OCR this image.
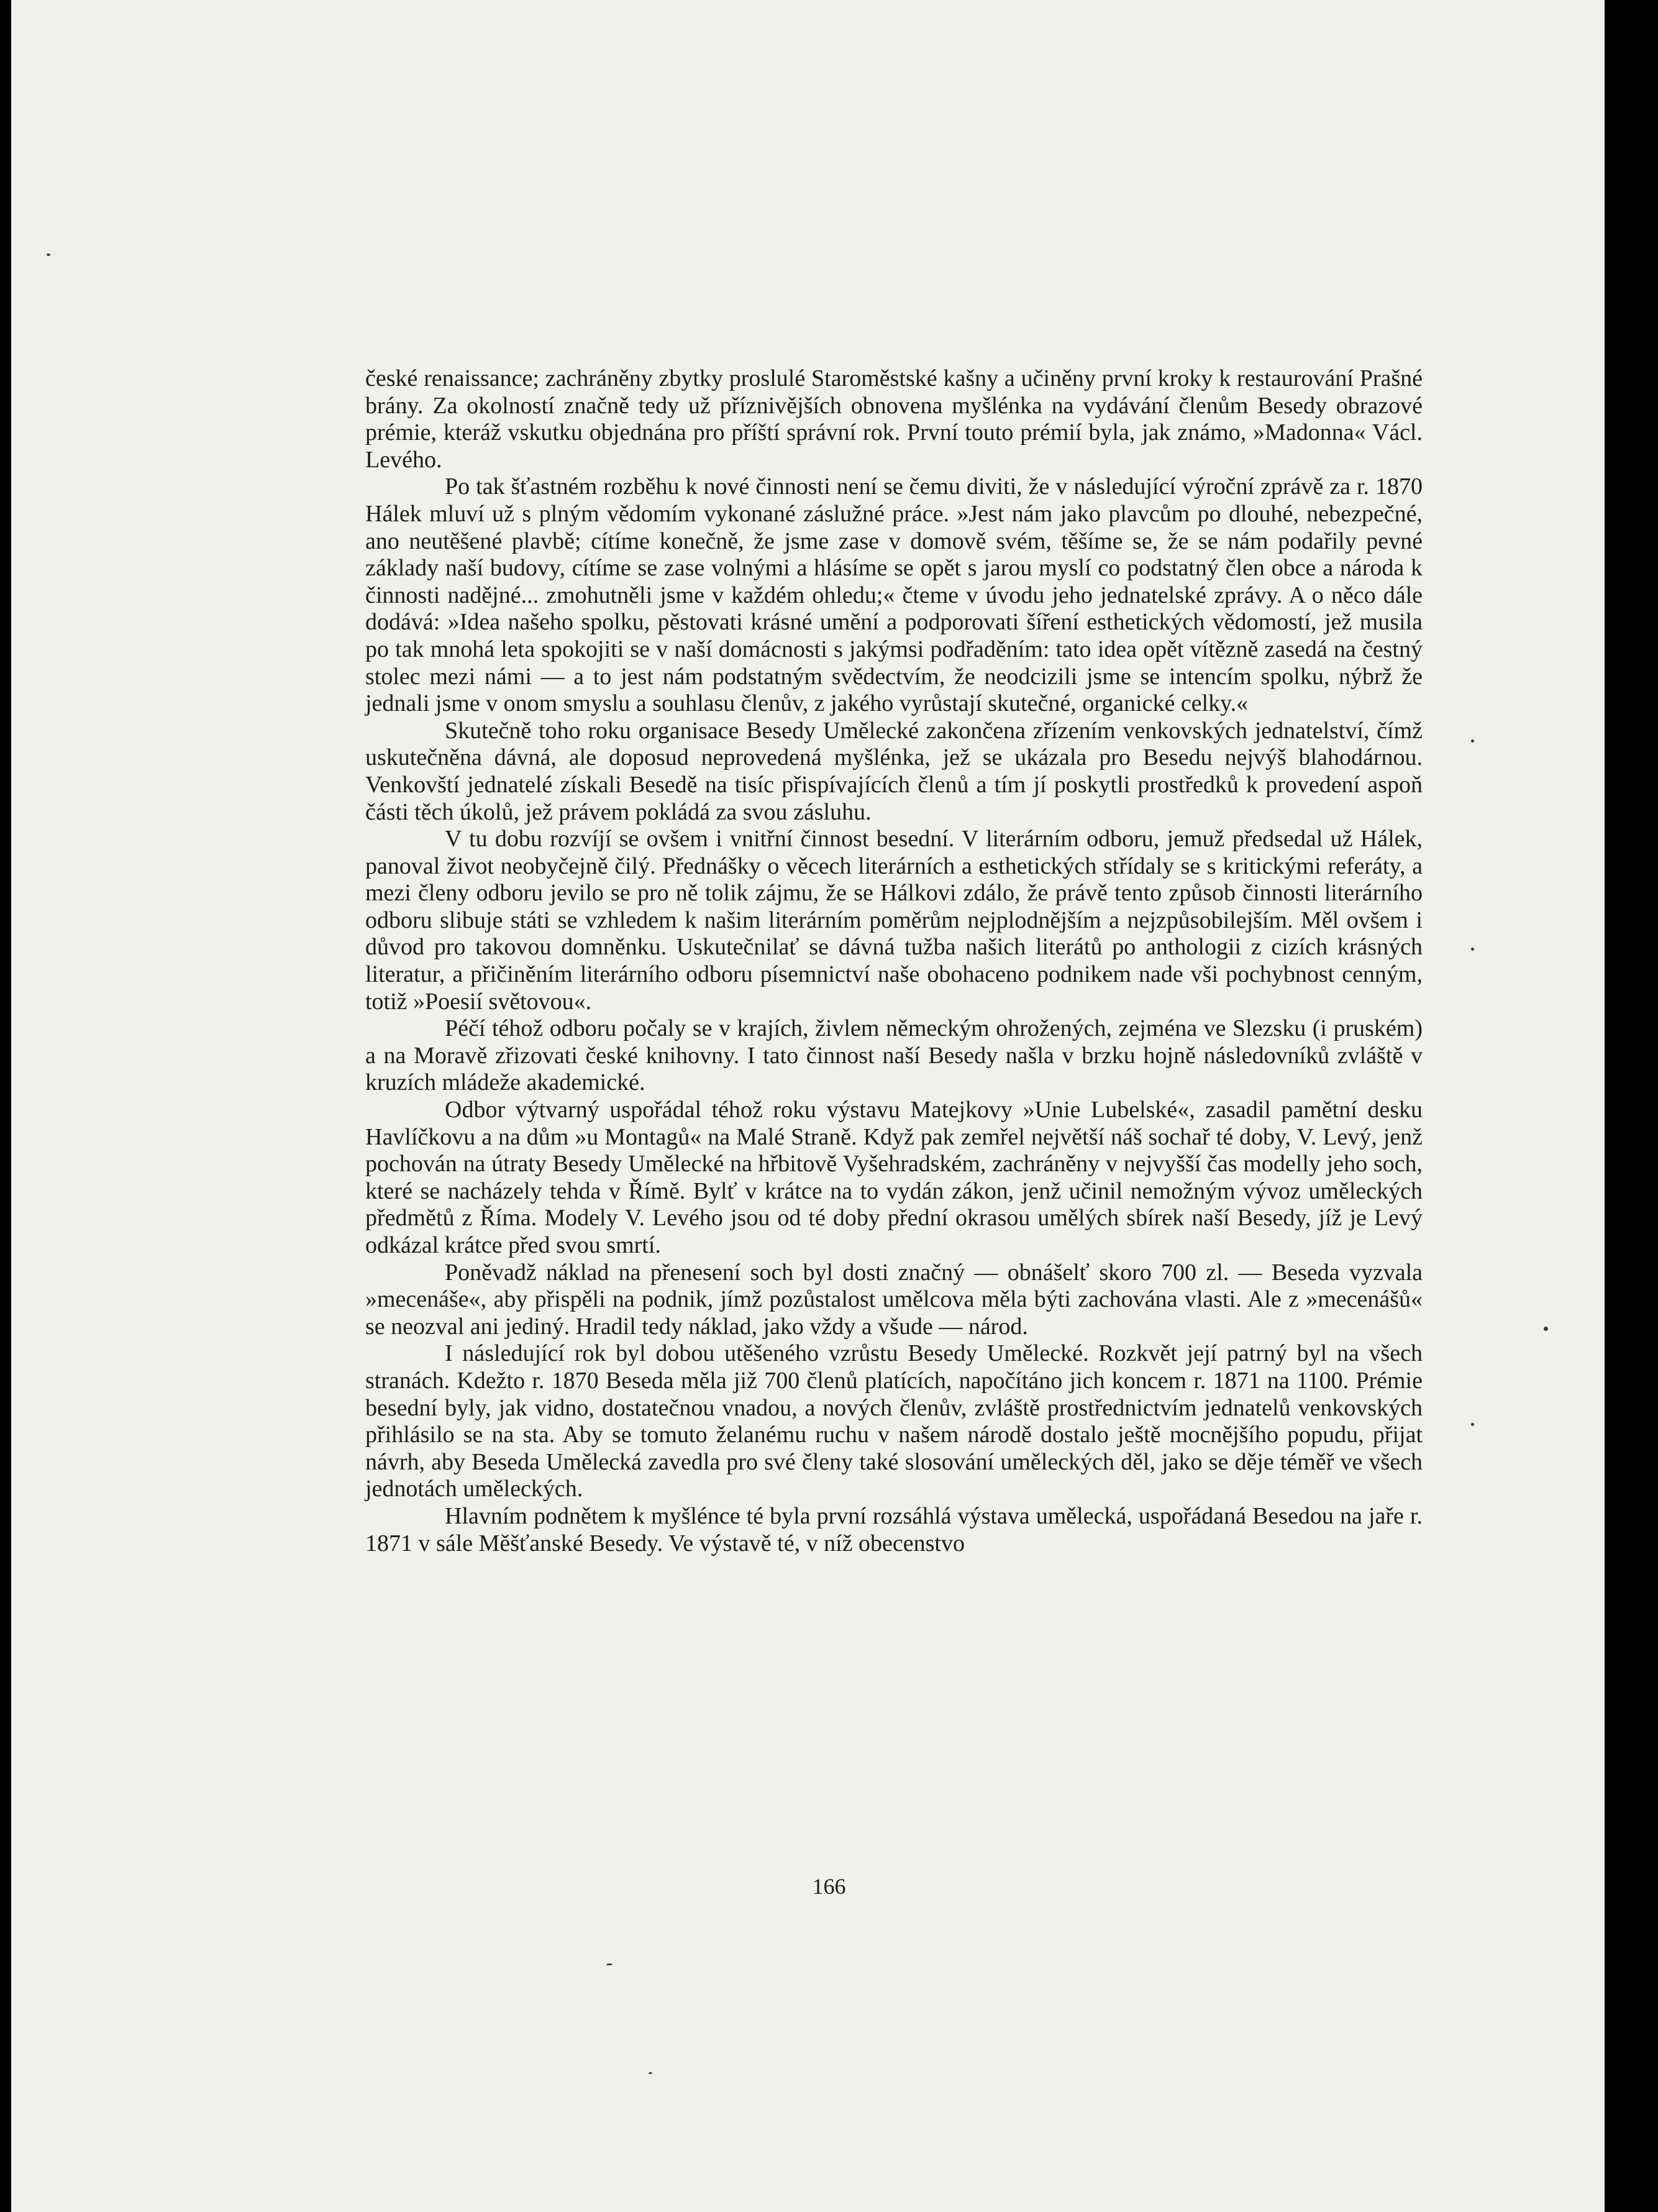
české renaissance; zachráněny zbytky proslulé Staroměstské kašny a učiněny první kroky k restaurování Prašné brány. Za okolností značně tedy už příznivějších obnovena myšlénka na vydávání členům Besedy obrazové prémie, kteráž vskutku objednána pro příští správní rok. První touto prémií byla, jak známo, »Madonna« Václ. Levého.

Po tak šťastném rozběhu k nové činnosti není se čemu diviti, že v následující výroční zprávě za r. 1870 Hálek mluví už s plným vědomím vykonané záslužné práce. »Jest nám jako plavcům po dlouhé, nebezpečné, ano neutěšené plavbě; cítíme konečně, že jsme zase v domově svém, těšíme se, že se nám podařily pevné základy naší budovy, cítíme se zase volnými a hlásíme se opět s jarou myslí co podstatný člen obce a národa k činnosti nadějné... zmohutněli jsme v každém ohledu;« čteme v úvodu jeho jednatelské zprávy. A o něco dále dodává: »Idea našeho spolku, pěstovati krásné umění a podporovati šíření esthetických vědomostí, jež musila po tak mnohá leta spokojiti se v naší domácnosti s jakýmsi podřaděním: tato idea opět vítězně zasedá na čestný stolec mezi námi — a to jest nám podstatným svědectvím, že neodcizili jsme se intencím spolku, nýbrž že jednali jsme v onom smyslu a souhlasu členův, z jakého vyrůstají skutečné, organické celky.«

Skutečně toho roku organisace Besedy Umělecké zakončena zřízením venkovských jednatelství, čímž uskutečněna dávná, ale doposud neprovedená myšlénka, jež se ukázala pro Besedu nejvýš blahodárnou. Venkovští jednatelé získali Besedě na tisíc přispívajících členů a tím jí poskytli prostředků k provedení aspoň části těch úkolů, jež právem pokládá za svou zásluhu.

V tu dobu rozvíjí se ovšem i vnitřní činnost besední. V literárním odboru, jemuž předsedal už Hálek, panoval život neobyčejně čilý. Přednášky o věcech literárních a esthetických střídaly se s kritickými referáty, a mezi členy odboru jevilo se pro ně tolik zájmu, že se Hálkovi zdálo, že právě tento způsob činnosti literárního odboru slibuje státi se vzhledem k našim literárním poměrům nejplodnějším a nejzpůsobilejším. Měl ovšem i důvod pro takovou domněnku. Uskutečnilať se dávná tužba našich literátů po anthologii z cizích krásných literatur, a přičiněním literárního odboru písemnictví naše obohaceno podnikem nade vši pochybnost cenným, totiž »Poesií světovou«.

Péčí téhož odboru počaly se v krajích, živlem německým ohrožených, zejména ve Slezsku (i pruském) a na Moravě zřizovati české knihovny. I tato činnost naší Besedy našla v brzku hojně následovníků zvláště v kruzích mládeže akademické.

Odbor výtvarný uspořádal téhož roku výstavu Matejkovy »Unie Lubelské«, zasadil pamětní desku Havlíčkovu a na dům »u Montagů« na Malé Straně. Když pak zemřel největší náš sochař té doby, V. Levý, jenž pochován na útraty Besedy Umělecké na hřbitově Vyšehradském, zachráněny v nejvyšší čas modelly jeho soch, které se nacházely tehda v Římě. Bylť v krátce na to vydán zákon, jenž učinil nemožným vývoz uměleckých předmětů z Říma. Modely V. Levého jsou od té doby přední okrasou umělých sbírek naší Besedy, jíž je Levý odkázal krátce před svou smrtí.

Poněvadž náklad na přenesení soch byl dosti značný — obnášelť skoro 700 zl. — Beseda vyzvala »mecenáše«, aby přispěli na podnik, jímž pozůstalost umělcova měla býti zachována vlasti. Ale z »mecenášů« se neozval ani jediný. Hradil tedy náklad, jako vždy a všude — národ.

I následující rok byl dobou utěšeného vzrůstu Besedy Umělecké. Rozkvět její patrný byl na všech stranách. Kdežto r. 1870 Beseda měla již 700 členů platících, napočítáno jich koncem r. 1871 na 1100. Prémie besední byly, jak vidno, dostatečnou vnadou, a nových členův, zvláště prostřednictvím jednatelů venkovských přihlásilo se na sta. Aby se tomuto želanému ruchu v našem národě dostalo ještě mocnějšího popudu, přijat návrh, aby Beseda Umělecká zavedla pro své členy také slosování uměleckých děl, jako se děje téměř ve všech jednotách uměleckých.

Hlavním podnětem k myšlénce té byla první rozsáhlá výstava umělecká, uspořádaná Besedou na jaře r. 1871 v sále Měšťanské Besedy. Ve výstavě té, v níž obecenstvo

166
